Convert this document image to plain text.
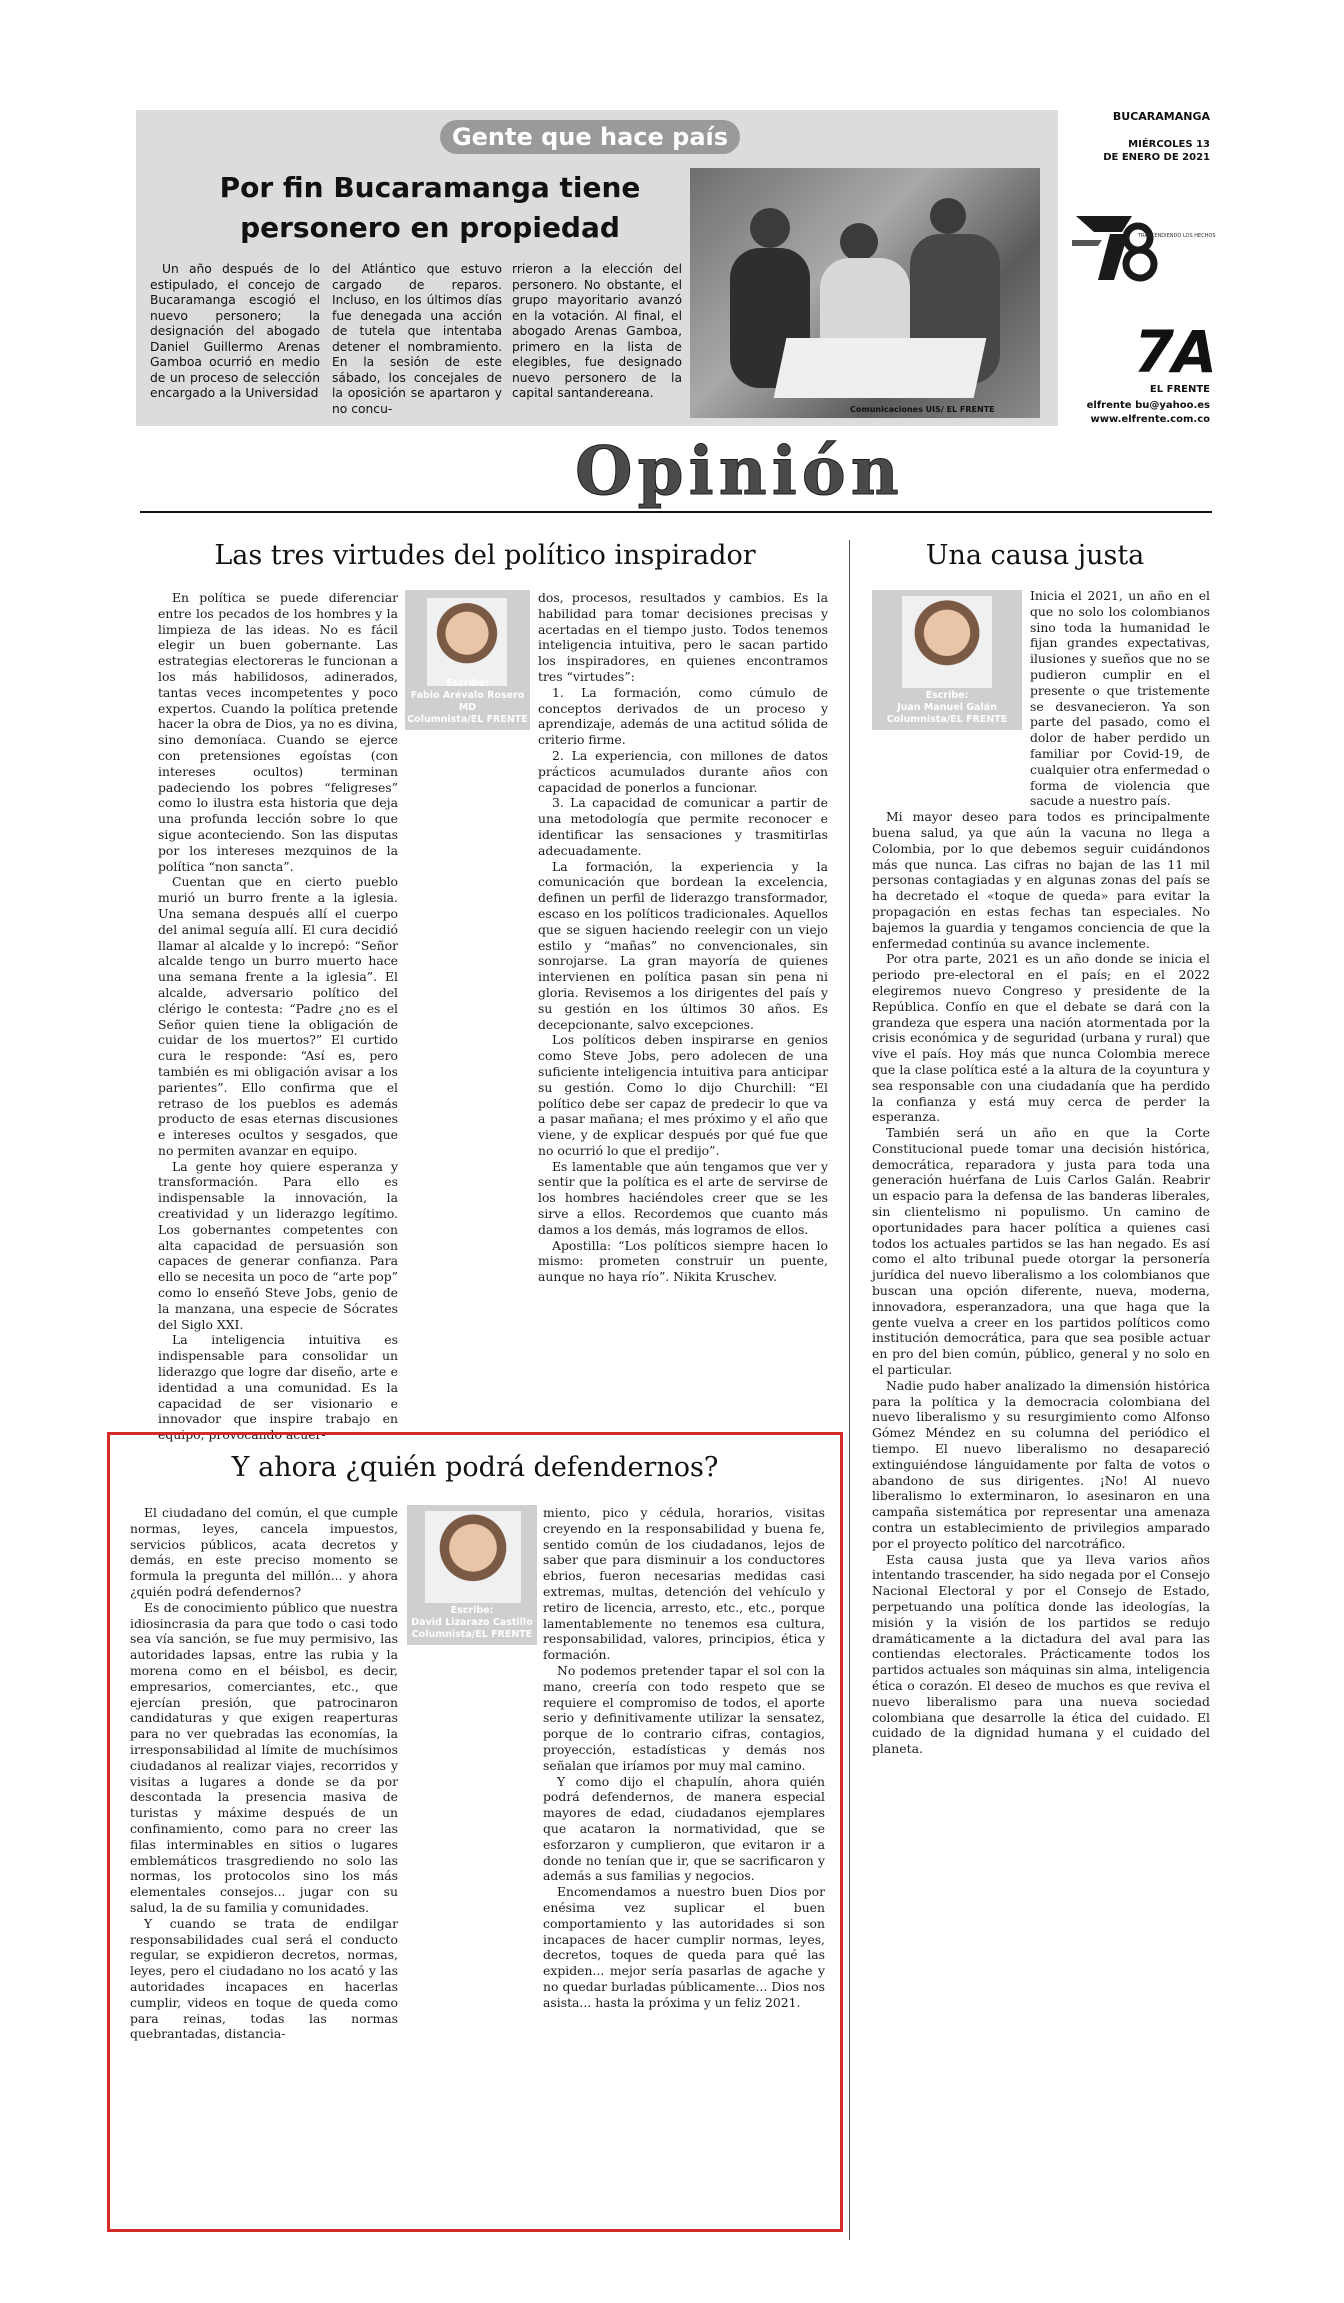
Gente que hace país
Por fin Bucaramanga tiene personero en propiedad

Un año después de lo estipulado, el concejo de Bucaramanga escogió el nuevo personero; la designación del abogado Daniel Guillermo Arenas Gamboa ocurrió en medio de un proceso de selección encargado a la Universidad

del Atlántico que estuvo cargado de reparos. Incluso, en los últimos días fue denegada una acción de tutela que intentaba detener el nombramiento. En la sesión de este sábado, los concejales de la oposición se apartaron y no concu-

rrieron a la elección del personero. No obstante, el grupo mayoritario avanzó en la votación. Al final, el abogado Arenas Gamboa, primero en la lista de elegibles, fue designado nuevo personero de la capital santandereana.

Comunicaciones UIS/ EL FRENTE
BUCARAMANGA
MIÉRCOLES 13
DE ENERO DE 2021
TRASCENDIENDO LOS HECHOS
7A
EL FRENTE
elfrente bu@yahoo.es
www.elfrente.com.co
Opinión
Las tres virtudes del político inspirador

En política se puede diferenciar entre los pecados de los hombres y la limpieza de las ideas. No es fácil elegir un buen gobernante. Las estrategias electoreras le funcionan a los más habilidosos, adinerados, tantas veces incompetentes y poco expertos. Cuando la política pretende hacer la obra de Dios, ya no es divina, sino demoníaca. Cuando se ejerce con pretensiones egoístas (con intereses ocultos) terminan padeciendo los pobres “feligreses” como lo ilustra esta historia que deja una profunda lección sobre lo que sigue aconteciendo. Son las disputas por los intereses mezquinos de la política “non sancta”.

Cuentan que en cierto pueblo murió un burro frente a la iglesia. Una semana después allí el cuerpo del animal seguía allí. El cura decidió llamar al alcalde y lo increpó: “Señor alcalde tengo un burro muerto hace una semana frente a la iglesia”. El alcalde, adversario político del clérigo le contesta: “Padre ¿no es el Señor quien tiene la obligación de cuidar de los muertos?” El curtido cura le responde: “Así es, pero también es mi obligación avisar a los parientes”. Ello confirma que el retraso de los pueblos es además producto de esas eternas discusiones e intereses ocultos y sesgados, que no permiten avanzar en equipo.

La gente hoy quiere esperanza y transformación. Para ello es indispensable la innovación, la creatividad y un liderazgo legítimo. Los gobernantes competentes con alta capacidad de persuasión son capaces de generar confianza. Para ello se necesita un poco de “arte pop” como lo enseñó Steve Jobs, genio de la manzana, una especie de Sócrates del Siglo XXI.

La inteligencia intuitiva es indispensable para consolidar un liderazgo que logre dar diseño, arte e identidad a una comunidad. Es la capacidad de ser visionario e innovador que inspire trabajo en equipo, provocando acuer-

Escribe:
Fabio Arévalo Rosero MD
Columnista/EL FRENTE

dos, procesos, resultados y cambios. Es la habilidad para tomar decisiones precisas y acertadas en el tiempo justo. Todos tenemos inteligencia intuitiva, pero le sacan partido los inspiradores, en quienes encontramos tres “virtudes”:

1. La formación, como cúmulo de conceptos derivados de un proceso y aprendizaje, además de una actitud sólida de criterio firme.

2. La experiencia, con millones de datos prácticos acumulados durante años con capacidad de ponerlos a funcionar.

3. La capacidad de comunicar a partir de una metodología que permite reconocer e identificar las sensaciones y trasmitirlas adecuadamente.

La formación, la experiencia y la comunicación que bordean la excelencia, definen un perfil de liderazgo transformador, escaso en los políticos tradicionales. Aquellos que se siguen haciendo reelegir con un viejo estilo y “mañas” no convencionales, sin sonrojarse. La gran mayoría de quienes intervienen en política pasan sin pena ni gloria. Revisemos a los dirigentes del país y su gestión en los últimos 30 años. Es decepcionante, salvo excepciones.

Los políticos deben inspirarse en genios como Steve Jobs, pero adolecen de una suficiente inteligencia intuitiva para anticipar su gestión. Como lo dijo Churchill: “El político debe ser capaz de predecir lo que va a pasar mañana; el mes próximo y el año que viene, y de explicar después por qué fue que no ocurrió lo que el predijo”.

Es lamentable que aún tengamos que ver y sentir que la política es el arte de servirse de los hombres haciéndoles creer que se les sirve a ellos. Recordemos que cuanto más damos a los demás, más logramos de ellos.

Apostilla: “Los políticos siempre hacen lo mismo: prometen construir un puente, aunque no haya río”. Nikita Kruschev.

Una causa justa
Escribe:
Juan Manuel Galán
Columnista/EL FRENTE

Inicia el 2021, un año en el que no solo los colombianos sino toda la humanidad le fijan grandes expectativas, ilusiones y sueños que no se pudieron cumplir en el presente o que tristemente se desvanecieron. Ya son parte del pasado, como el dolor de haber perdido un familiar por Covid-19, de cualquier otra enfermedad o forma de violencia que sacude a nuestro país.

Mi mayor deseo para todos es principalmente buena salud, ya que aún la vacuna no llega a Colombia, por lo que debemos seguir cuidándonos más que nunca. Las cifras no bajan de las 11 mil personas contagiadas y en algunas zonas del país se ha decretado el «toque de queda» para evitar la propagación en estas fechas tan especiales. No bajemos la guardia y tengamos conciencia de que la enfermedad continúa su avance inclemente.

Por otra parte, 2021 es un año donde se inicia el periodo pre-electoral en el país; en el 2022 elegiremos nuevo Congreso y presidente de la República. Confío en que el debate se dará con la grandeza que espera una nación atormentada por la crisis económica y de seguridad (urbana y rural) que vive el país. Hoy más que nunca Colombia merece que la clase política esté a la altura de la coyuntura y sea responsable con una ciudadanía que ha perdido la confianza y está muy cerca de perder la esperanza.

También será un año en que la Corte Constitucional puede tomar una decisión histórica, democrática, reparadora y justa para toda una generación huérfana de Luis Carlos Galán. Reabrir un espacio para la defensa de las banderas liberales, sin clientelismo ni populismo. Un camino de oportunidades para hacer política a quienes casi todos los actuales partidos se las han negado. Es así como el alto tribunal puede otorgar la personería jurídica del nuevo liberalismo a los colombianos que buscan una opción diferente, nueva, moderna, innovadora, esperanzadora, una que haga que la gente vuelva a creer en los partidos políticos como institución democrática, para que sea posible actuar en pro del bien común, público, general y no solo en el particular.

Nadie pudo haber analizado la dimensión histórica para la política y la democracia colombiana del nuevo liberalismo y su resurgimiento como Alfonso Gómez Méndez en su columna del periódico el tiempo. El nuevo liberalismo no desapareció extinguiéndose lánguidamente por falta de votos o abandono de sus dirigentes. ¡No! Al nuevo liberalismo lo exterminaron, lo asesinaron en una campaña sistemática por representar una amenaza contra un establecimiento de privilegios amparado por el proyecto político del narcotráfico.

Esta causa justa que ya lleva varios años intentando trascender, ha sido negada por el Consejo Nacional Electoral y por el Consejo de Estado, perpetuando una política donde las ideologías, la misión y la visión de los partidos se redujo dramáticamente a la dictadura del aval para las contiendas electorales. Prácticamente todos los partidos actuales son máquinas sin alma, inteligencia ética o corazón. El deseo de muchos es que reviva el nuevo liberalismo para una nueva sociedad colombiana que desarrolle la ética del cuidado. El cuidado de la dignidad humana y el cuidado del planeta.

Y ahora ¿quién podrá defendernos?

El ciudadano del común, el que cumple normas, leyes, cancela impuestos, servicios públicos, acata decretos y demás, en este preciso momento se formula la pregunta del millón... y ahora ¿quién podrá defendernos?

Es de conocimiento público que nuestra idiosincrasia da para que todo o casi todo sea vía sanción, se fue muy permisivo, las autoridades lapsas, entre las rubia y la morena como en el béisbol, es decir, empresarios, comerciantes, etc., que ejercían presión, que patrocinaron candidaturas y que exigen reaperturas para no ver quebradas las economías, la irresponsabilidad al límite de muchísimos ciudadanos al realizar viajes, recorridos y visitas a lugares a donde se da por descontada la presencia masiva de turistas y máxime después de un confinamiento, como para no creer las filas interminables en sitios o lugares emblemáticos trasgrediendo no solo las normas, los protocolos sino los más elementales consejos... jugar con su salud, la de su familia y comunidades.

Y cuando se trata de endilgar responsabilidades cual será el conducto regular, se expidieron decretos, normas, leyes, pero el ciudadano no los acató y las autoridades incapaces en hacerlas cumplir, videos en toque de queda como para reinas, todas las normas quebrantadas, distancia-

Escribe:
David Lizarazo Castillo
Columnista/EL FRENTE

miento, pico y cédula, horarios, visitas creyendo en la responsabilidad y buena fe, sentido común de los ciudadanos, lejos de saber que para disminuir a los conductores ebrios, fueron necesarias medidas casi extremas, multas, detención del vehículo y retiro de licencia, arresto, etc., etc., porque lamentablemente no tenemos esa cultura, responsabilidad, valores, principios, ética y formación.

No podemos pretender tapar el sol con la mano, creería con todo respeto que se requiere el compromiso de todos, el aporte serio y definitivamente utilizar la sensatez, porque de lo contrario cifras, contagios, proyección, estadísticas y demás nos señalan que iríamos por muy mal camino.

Y como dijo el chapulín, ahora quién podrá defendernos, de manera especial mayores de edad, ciudadanos ejemplares que acataron la normatividad, que se esforzaron y cumplieron, que evitaron ir a donde no tenían que ir, que se sacrificaron y además a sus familias y negocios.

Encomendamos a nuestro buen Dios por enésima vez suplicar el buen comportamiento y las autoridades si son incapaces de hacer cumplir normas, leyes, decretos, toques de queda para qué las expiden... mejor sería pasarlas de agache y no quedar burladas públicamente... Dios nos asista... hasta la próxima y un feliz 2021.
